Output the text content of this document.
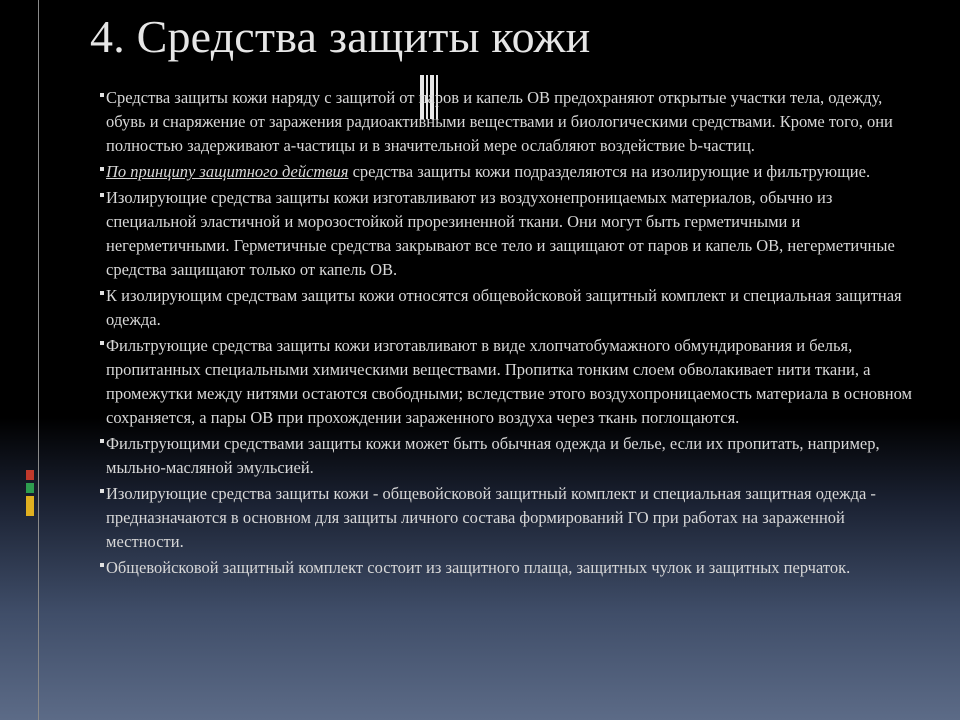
4. Средства защиты кожи
Средства защиты кожи наряду с защитой от паров и капель ОВ предохраняют открытые участки тела, одежду, обувь и снаряжение от заражения радиоактивными веществами и биологическими средствами. Кроме того, они полностью задерживают а-частицы и в значительной мере ослабляют воздействие b-частиц.
По принципу защитного действия средства защиты кожи подразделяются на изолирующие и фильтрующие.
Изолирующие средства защиты кожи изготавливают из воздухонепроницаемых материалов, обычно из специальной эластичной и морозостойкой прорезиненной ткани. Они могут быть герметичными и негерметичными. Герметичные средства закрывают все тело и защищают от паров и капель ОВ, негерметичные средства защищают только от капель ОВ.
К изолирующим средствам защиты кожи относятся общевойсковой защитный комплект и специальная защитная одежда.
Фильтрующие средства защиты кожи изготавливают в виде хлопчатобумажного обмундирования и белья, пропитанных специальными химическими веществами. Пропитка тонким слоем обволакивает нити ткани, а промежутки между нитями остаются свободными; вследствие этого воздухопроницаемость материала в основном сохраняется, а пары ОВ при прохождении зараженного воздуха через ткань поглощаются.
Фильтрующими средствами защиты кожи может быть обычная одежда и белье, если их пропитать, например, мыльно-масляной эмульсией.
Изолирующие средства защиты кожи - общевойсковой защитный комплект и специальная защитная одежда - предназначаются в основном для защиты личного состава формирований ГО при работах на зараженной местности.
Общевойсковой защитный комплект состоит из защитного плаща, защитных чулок и защитных перчаток.
